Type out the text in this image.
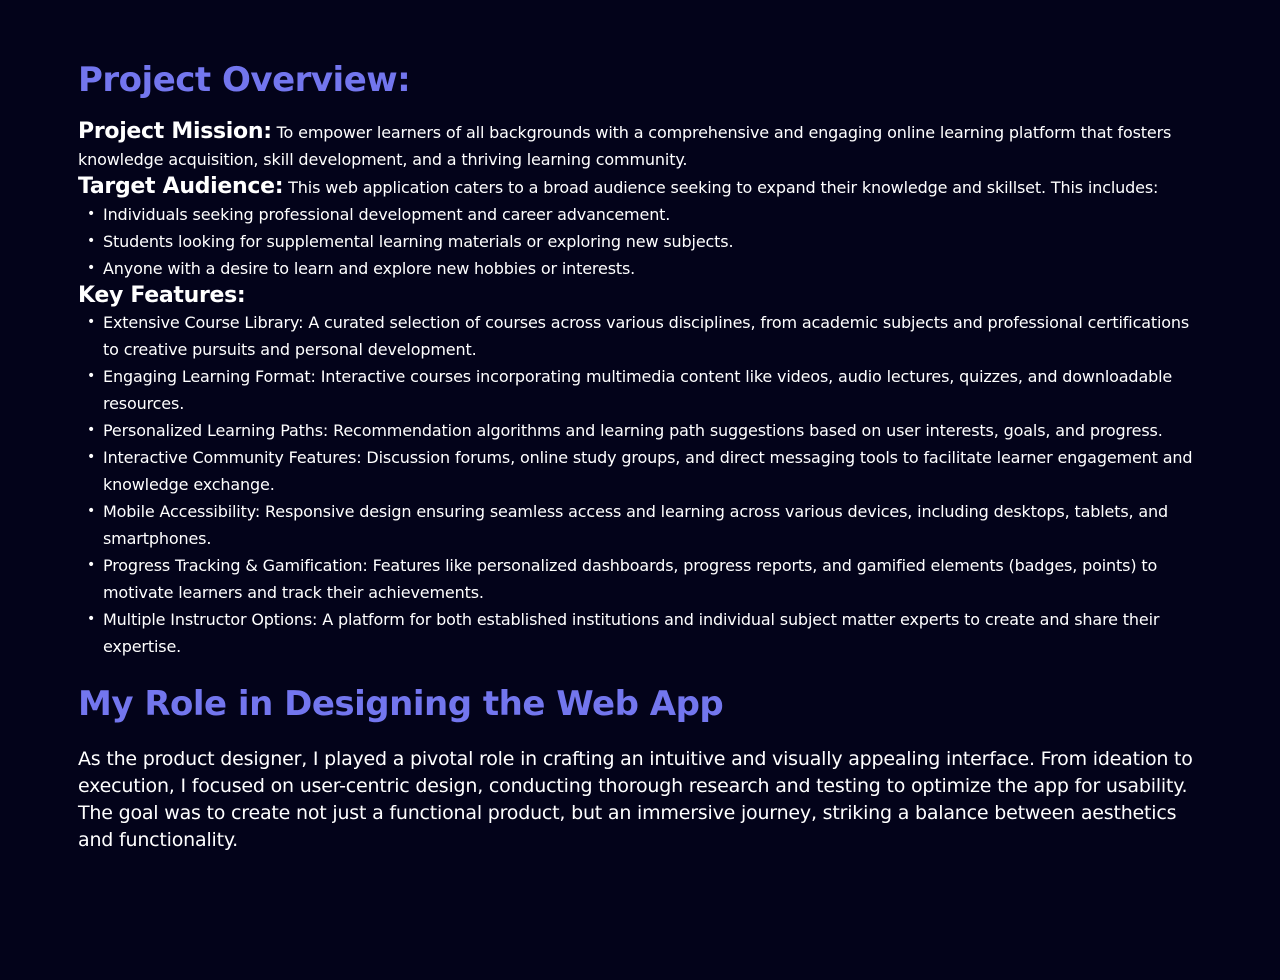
Project Overview:

Project Mission: To empower learners of all backgrounds with a comprehensive and engaging online learning platform that fosters knowledge acquisition, skill development, and a thriving learning community.

Target Audience: This web application caters to a broad audience seeking to expand their knowledge and skillset. This includes:

• Individuals seeking professional development and career advancement.
• Students looking for supplemental learning materials or exploring new subjects.
• Anyone with a desire to learn and explore new hobbies or interests.
Key Features:
• Extensive Course Library: A curated selection of courses across various disciplines, from academic subjects and professional certifications to creative pursuits and personal development.
• Engaging Learning Format: Interactive courses incorporating multimedia content like videos, audio lectures, quizzes, and downloadable resources.
• Personalized Learning Paths: Recommendation algorithms and learning path suggestions based on user interests, goals, and progress.
• Interactive Community Features: Discussion forums, online study groups, and direct messaging tools to facilitate learner engagement and knowledge exchange.
• Mobile Accessibility: Responsive design ensuring seamless access and learning across various devices, including desktops, tablets, and smartphones.
• Progress Tracking & Gamification: Features like personalized dashboards, progress reports, and gamified elements (badges, points) to motivate learners and track their achievements.
• Multiple Instructor Options: A platform for both established institutions and individual subject matter experts to create and share their expertise.
My Role in Designing the Web App

As the product designer, I played a pivotal role in crafting an intuitive and visually appealing interface. From ideation to execution, I focused on user-centric design, conducting thorough research and testing to optimize the app for usability. The goal was to create not just a functional product, but an immersive journey, striking a balance between aesthetics and functionality.
